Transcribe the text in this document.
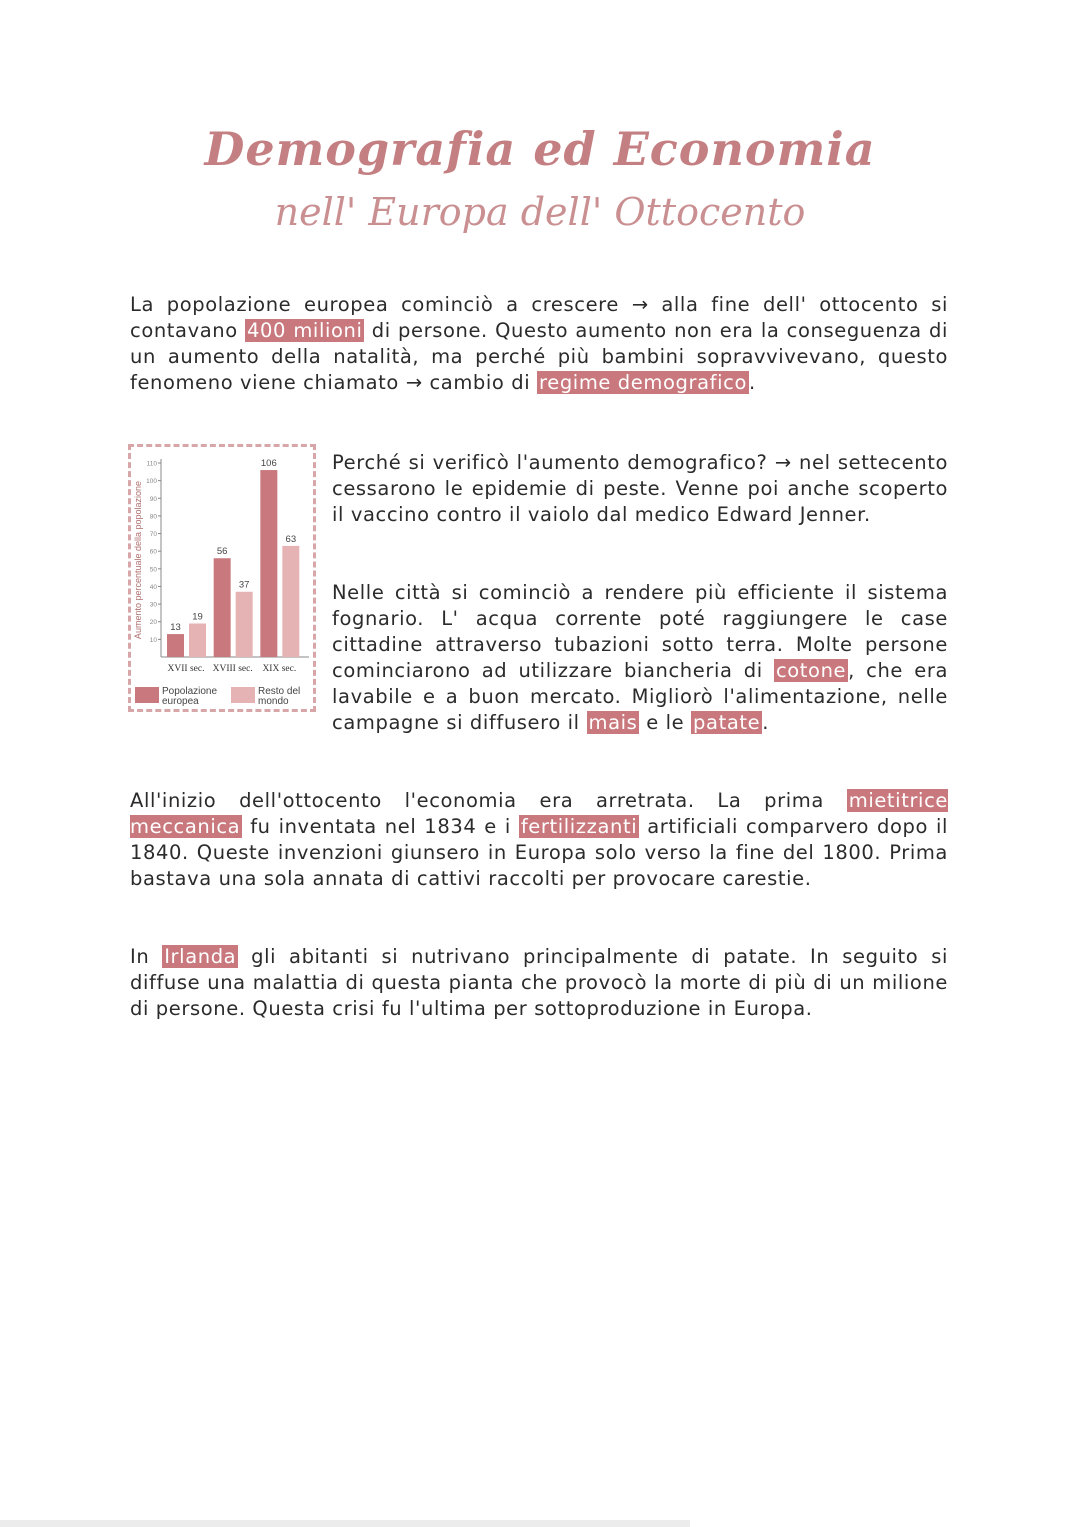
Demografia ed Economia
nell' Europa dell' Ottocento

La popolazione europea cominciò a crescere → alla fine dell' ottocento si contavano 400 milioni di persone. Questo aumento non era la conseguenza di un aumento della natalità, ma perché più bambini sopravvivevano, questo fenomeno viene chiamato → cambio di regime demografico .

Aumento percentuale della popolazione
10
20
30
40
50
60
70
80
90
100
110
13
19
XVII sec.
56
37
XVIII sec.
106
63
XIX sec.
Popolazione europea
Resto del mondo

Perché si verificò l'aumento demografico? → nel settecento cessarono le epidemie di peste. Venne poi anche scoperto il vaccino contro il vaiolo dal medico Edward Jenner.

Nelle città si cominciò a rendere più efficiente il sistema fognario. L' acqua corrente poté raggiungere le case cittadine attraverso tubazioni sotto terra. Molte persone cominciarono ad utilizzare biancheria di cotone , che era lavabile e a buon mercato. Migliorò l'alimentazione, nelle campagne si diffusero il mais e le patate .

All'inizio dell'ottocento l'economia era arretrata. La prima mietitrice meccanica fu inventata nel 1834 e i fertilizzanti artificiali comparvero dopo il 1840. Queste invenzioni giunsero in Europa solo verso la fine del 1800. Prima bastava una sola annata di cattivi raccolti per provocare carestie.

In Irlanda gli abitanti si nutrivano principalmente di patate. In seguito si diffuse una malattia di questa pianta che provocò la morte di più di un milione di persone. Questa crisi fu l'ultima per sottoproduzione in Europa.
